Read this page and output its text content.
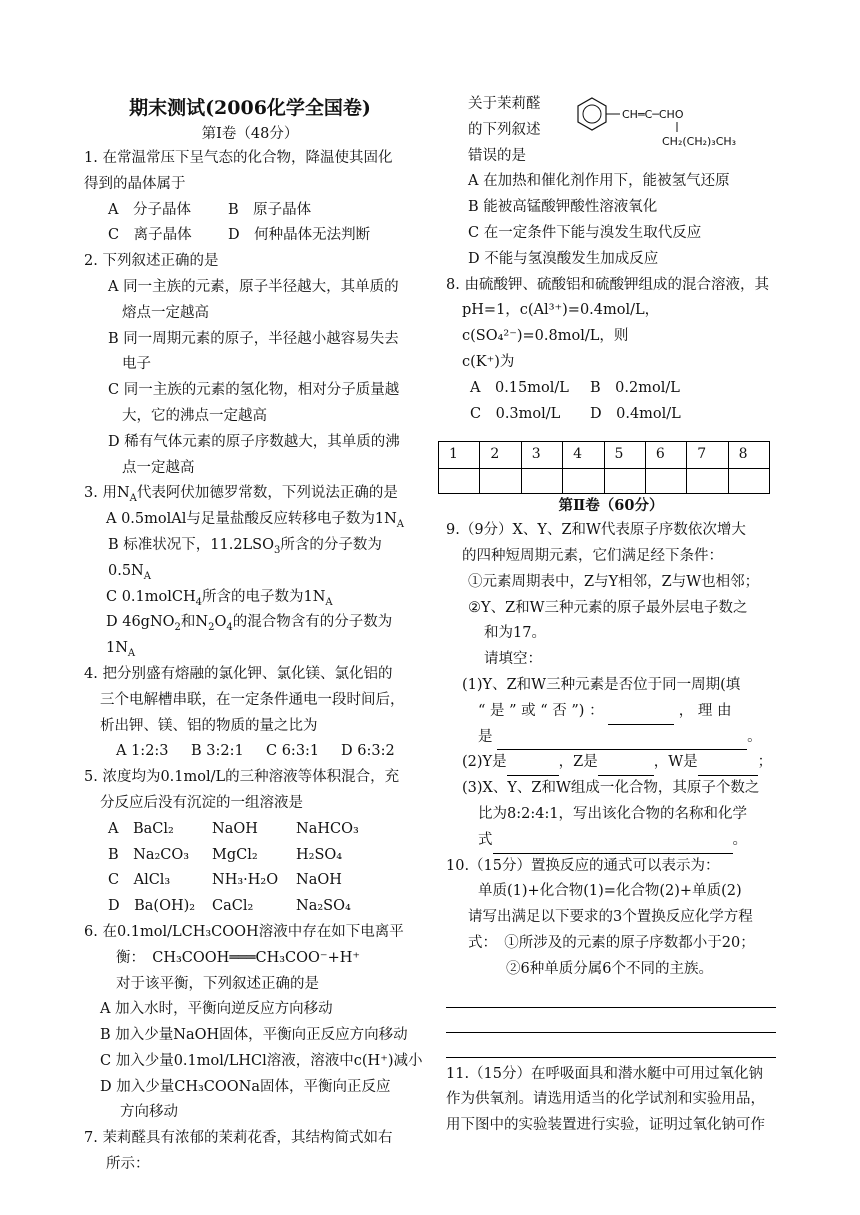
期末测试(2006化学全国卷)
第Ⅰ卷（48分）
1. 在常温常压下呈气态的化合物，降温使其固化
得到的晶体属于
A　分子晶体	B　原子晶体
C　离子晶体	D　何种晶体无法判断
2. 下列叙述正确的是
A 同一主族的元素，原子半径越大，其单质的
熔点一定越高
B 同一周期元素的原子，半径越小越容易失去
电子
C 同一主族的元素的氢化物，相对分子质量越
大，它的沸点一定越高
D 稀有气体元素的原子序数越大，其单质的沸
点一定越高
3. 用$N_A$代表阿伏加德罗常数，下列说法正确的是
A 0.5molAl与足量盐酸反应转移电子数为$1N_A$
B 标准状况下，$11.2LSO_3$所含的分子数为$0.5N_A$
C 0.1molCH$_4$所含的电子数为$1N_A$
D 46gNO$_2$和$N_2O_4$的混合物含有的分子数为$1N_A$
4. 把分别盛有熔融的氯化钾、氯化镁、氯化铝的
三个电解槽串联，在一定条件通电一段时间后，
析出钾、镁、铝的物质的量之比为
A 1:2:3	B 3:2:1	C 6:3:1	D 6:3:2
5. 浓度均为0.1mol/L的三种溶液等体积混合，充
分反应后没有沉淀的一组溶液是
A　BaCl₂	NaOH	NaHCO₃
B　Na₂CO₃	MgCl₂	H₂SO₄
C　AlCl₃	NH₃·H₂O	NaOH
D　Ba(OH)₂	CaCl₂	Na₂SO₄
6. 在0.1mol/LCH₃COOH溶液中存在如下电离平
衡：　CH₃COOH═══CH₃COO⁻+H⁺
对于该平衡，下列叙述正确的是
A 加入水时，平衡向逆反应方向移动
B 加入少量NaOH固体，平衡向正反应方向移动
C 加入少量0.1mol/LHCl溶液，溶液中c(H⁺)减小
D 加入少量CH₃COONa固体，平衡向正反应
方向移动
7. 茉莉醛具有浓郁的茉莉花香，其结构简式如右
所示：
CH═C─CHO
CH₂(CH₂)₃CH₃
关于茉莉醛
的下列叙述
错误的是
A 在加热和催化剂作用下，能被氢气还原
B 能被高锰酸钾酸性溶液氧化
C 在一定条件下能与溴发生取代反应
D 不能与氢溴酸发生加成反应
8. 由硫酸钾、硫酸铝和硫酸钾组成的混合溶液，其
pH=1，c(Al³⁺)=0.4mol/L，c(SO₄²⁻)=0.8mol/L，则
c(K⁺)为
A　0.15mol/L	B　0.2mol/L
C　0.3mol/L	D　0.4mol/L
1	2	3	4	5	6	7	8

第Ⅱ卷（60分）
9.（9分）X、Y、Z和W代表原子序数依次增大
的四种短周期元素，它们满足经下条件：
①元素周期表中，Z与Y相邻，Z与W也相邻；
②Y、Z和W三种元素的原子最外层电子数之
和为17。
请填空：
(1)Y、Z和W三种元素是否位于同一周期(填
“ 是 ” 或 “ 否 ”) ：	， 理 由
是	。
(2)Y是	，Z是	，W是	；
(3)X、Y、Z和W组成一化合物，其原子个数之
比为8:2:4:1，写出该化合物的名称和化学
式	。
10.（15分）置换反应的通式可以表示为：
单质(1)+化合物(1)=化合物(2)+单质(2)
请写出满足以下要求的3个置换反应化学方程
式：　①所涉及的元素的原子序数都小于20；
②6种单质分属6个不同的主族。
11.（15分）在呼吸面具和潜水艇中可用过氧化钠
作为供氧剂。请选用适当的化学试剂和实验用品，
用下图中的实验装置进行实验，证明过氧化钠可作
